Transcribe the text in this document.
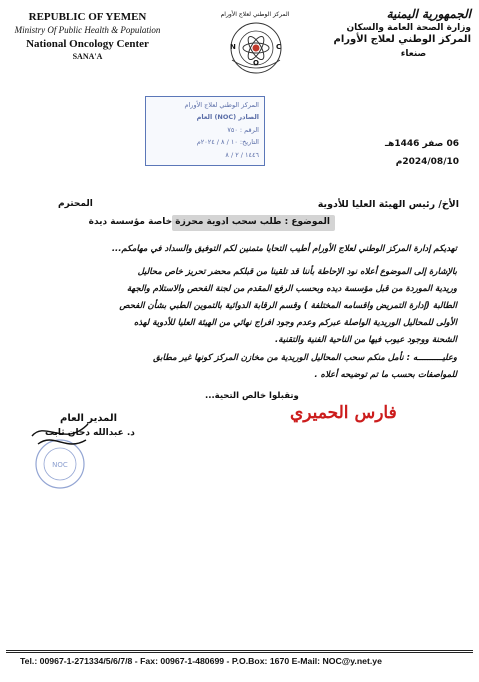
REPUBLIC OF YEMEN
Ministry Of Public Health & Population
National Oncology Center
SANA'A
المركز الوطني لعلاج الأورام
N	C
O
الجمهورية اليمنية
وزارة الصحة العامة والسكان
المركز الوطني لعلاج الأورام
صنعاء
المركز الوطني لعلاج الأورام
الصادر (NOC) العام
الرقم : ٧٥٠
التاريخ: ١٠ / ٨ / ٢٠٢٤م
١٤٤٦ / ٢ / ٨
06 صفر 1446هـ
2024/08/10م
الأخ/ رئيس الهيئة العليا للأدوية
المحترم
الموضوع : طلب سحب ادوية محرزة خاصة مؤسسة ديدة
تهديكم إدارة المركز الوطني لعلاج الأورام أطيب التحايا متمنين لكم التوفيق والسداد في مهامكم...
بالإشارة إلى الموضوع أعلاه نود الإحاطة بأننا قد تلقينا من قبلكم محضر تحريز خاص محاليل
وريدية الموردة من قبل مؤسسة ديده وبحسب الرفع المقدم من لجنة الفحص والاستلام والجهة
الطالبة (إدارة التمريض واقسامه المختلفة ) وقسم الرقابة الدوائية بالتموين الطبي بشأن الفحص
الأولى للمحاليل الوريدية الواصلة عبركم وعدم وجود افراج نهائي من الهيئة العليا للأدوية لهذه
الشحنة ووجود عيوب فيها من الناحية الفنية والتقنية.
وعليــــــــــه : نأمل منكم سحب المحاليل الوريدية من مخازن المركز كونها غير مطابق
للمواصفات بحسب ما تم توضيحه أعلاه .
وتقبلوا خالص التحية...
NOC
المدير العام
د. عبدالله دحان ثابت
فارس الحميري
Tel.: 00967-1-271334/5/6/7/8 - Fax: 00967-1-480699 - P.O.Box: 1670 E-Mail: NOC@y.net.ye
